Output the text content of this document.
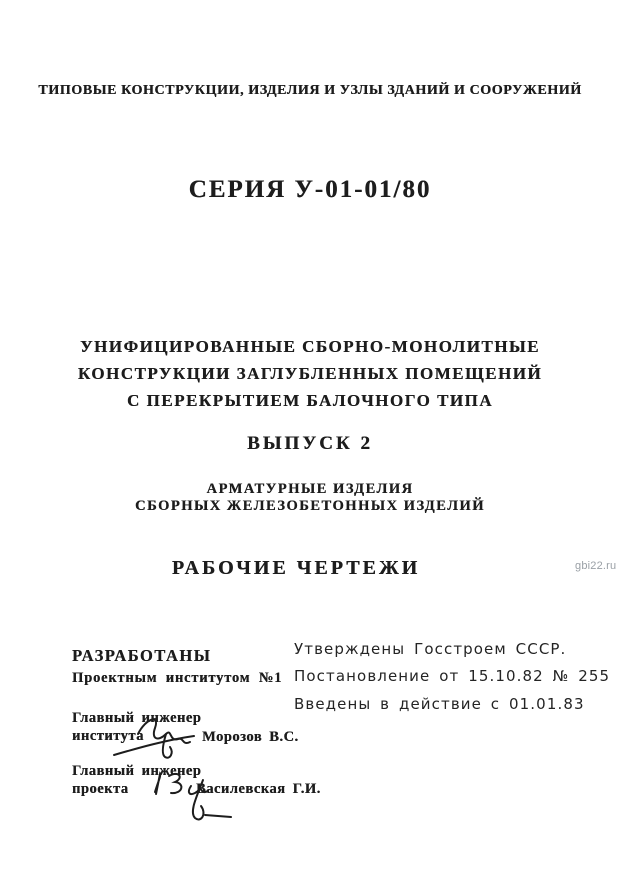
ТИПОВЫЕ КОНСТРУКЦИИ, ИЗДЕЛИЯ И УЗЛЫ ЗДАНИЙ И СООРУЖЕНИЙ
СЕРИЯ У-01-01/80
УНИФИЦИРОВАННЫЕ СБОРНО-МОНОЛИТНЫЕ
КОНСТРУКЦИИ ЗАГЛУБЛЕННЫХ ПОМЕЩЕНИЙ
С ПЕРЕКРЫТИЕМ БАЛОЧНОГО ТИПА
ВЫПУСК 2
АРМАТУРНЫЕ ИЗДЕЛИЯ
СБОРНЫХ ЖЕЛЕЗОБЕТОННЫХ ИЗДЕЛИЙ
РАБОЧИЕ ЧЕРТЕЖИ	gbi22.ru
РАЗРАБОТАНЫ
Проектным институтом №1
Главный инженер
института	Морозов В.С.
Главный инженер
проекта	Василевская Г.И.
Утверждены Госстроем СССР.
Постановление от 15.10.82 № 255
Введены в действие с 01.01.83
